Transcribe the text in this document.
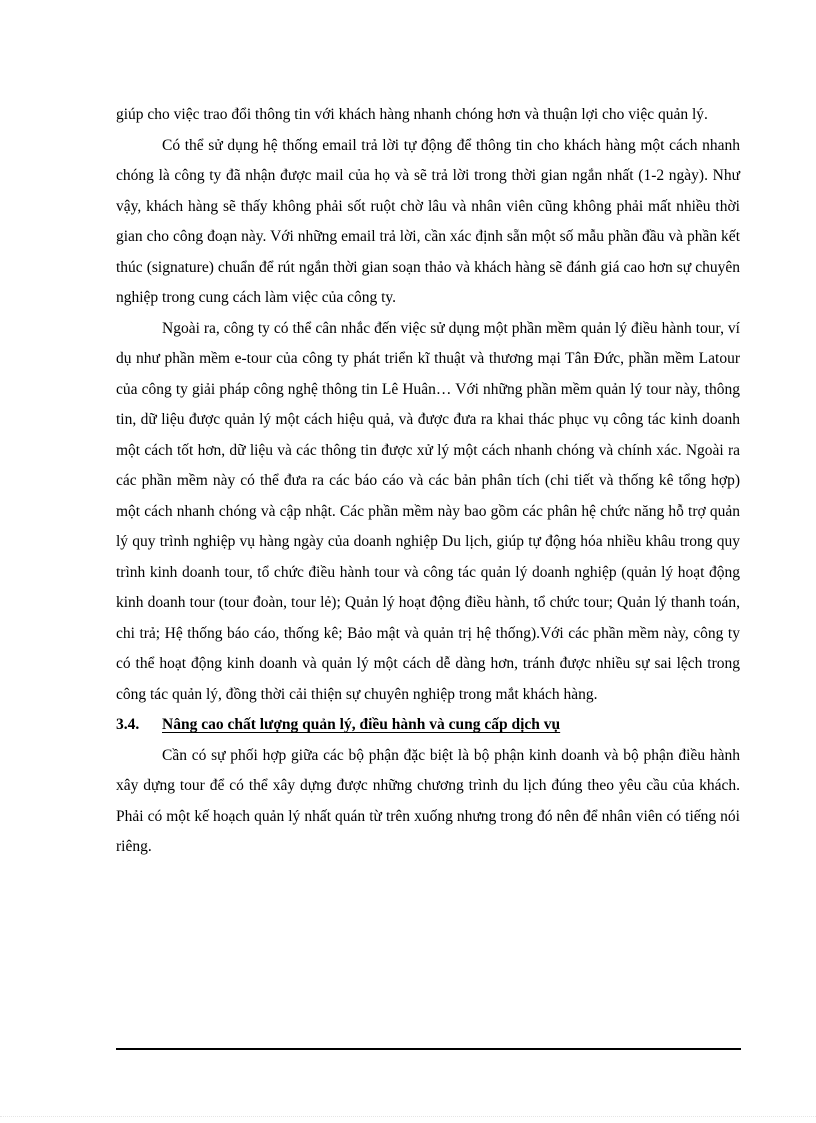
giúp cho việc trao đổi thông tin với khách hàng nhanh chóng hơn và thuận lợi cho việc quản lý.

Có thể sử dụng hệ thống email trả lời tự động để thông tin cho khách hàng một cách nhanh chóng là công ty đã nhận được mail của họ và sẽ trả lời trong thời gian ngắn nhất (1-2 ngày). Như vậy, khách hàng sẽ thấy không phải sốt ruột chờ lâu và nhân viên cũng không phải mất nhiều thời gian cho công đoạn này. Với những email trả lời, cần xác định sẵn một số mẫu phần đầu và phần kết thúc (signature) chuẩn để rút ngắn thời gian soạn thảo và khách hàng sẽ đánh giá cao hơn sự chuyên nghiệp trong cung cách làm việc của công ty.

Ngoài ra, công ty có thể cân nhắc đến việc sử dụng một phần mềm quản lý điều hành tour, ví dụ như phần mềm e-tour của công ty phát triển kĩ thuật và thương mại Tân Đức, phần mềm Latour của công ty giải pháp công nghệ thông tin Lê Huân… Với những phần mềm quản lý tour này, thông tin, dữ liệu được quản lý một cách hiệu quả, và được đưa ra khai thác phục vụ công tác kinh doanh một cách tốt hơn, dữ liệu và các thông tin được xử lý một cách nhanh chóng và chính xác. Ngoài ra các phần mềm này có thể đưa ra các báo cáo và các bản phân tích (chi tiết và thống kê tổng hợp) một cách nhanh chóng và cập nhật. Các phần mềm này bao gồm các phân hệ chức năng hỗ trợ quản lý quy trình nghiệp vụ hàng ngày của doanh nghiệp Du lịch, giúp tự động hóa nhiều khâu trong quy trình kinh doanh tour, tổ chức điều hành tour và công tác quản lý doanh nghiệp (quản lý hoạt động kinh doanh tour (tour đoàn, tour lẻ); Quản lý hoạt động điều hành, tổ chức tour; Quản lý thanh toán, chi trả; Hệ thống báo cáo, thống kê; Bảo mật và quản trị hệ thống).Với các phần mềm này, công ty có thể hoạt động kinh doanh và quản lý một cách dễ dàng hơn, tránh được nhiều sự sai lệch trong công tác quản lý, đồng thời cải thiện sự chuyên nghiệp trong mắt khách hàng.

3.4.	Nâng cao chất lượng quản lý, điều hành và cung cấp dịch vụ

Cần có sự phối hợp giữa các bộ phận đặc biệt là bộ phận kinh doanh và bộ phận điều hành xây dựng tour để có thể xây dựng được những chương trình du lịch đúng theo yêu cầu của khách. Phải có một kế hoạch quản lý nhất quán từ trên xuống nhưng trong đó nên để nhân viên có tiếng nói riêng.
